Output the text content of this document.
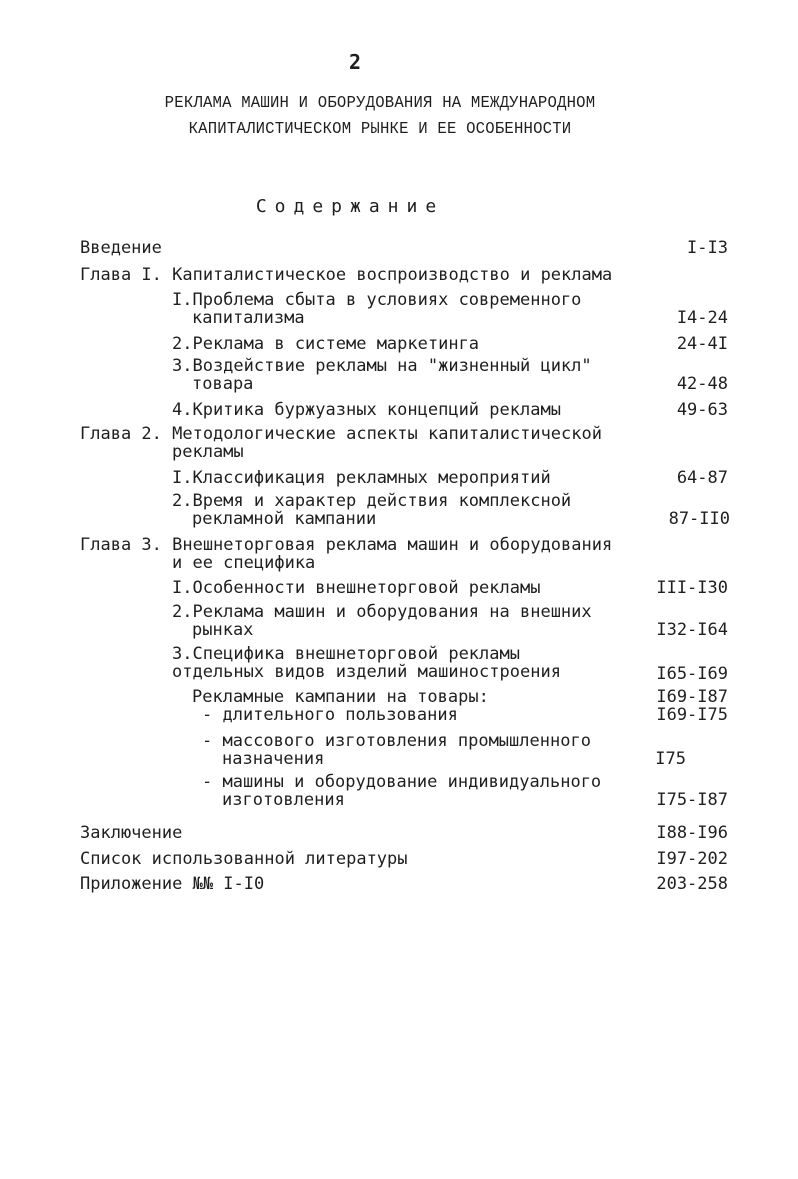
2
РЕКЛАМА МАШИН И ОБОРУДОВАНИЯ НА МЕЖДУНАРОДНОМ
КАПИТАЛИСТИЧЕСКОМ РЫНКЕ И ЕЕ ОСОБЕННОСТИ
Содержание
Введение	I-I3
Глава I. Капиталистическое воспроизводство и реклама
I.Проблема сбыта в условиях современного
капитализма	I4-24
2.Реклама в системе маркетинга	24-4I
3.Воздействие рекламы на "жизненный цикл"
товара	42-48
4.Критика буржуазных концепций рекламы	49-63
Глава 2. Методологические аспекты капиталистической
рекламы
I.Классификация рекламных мероприятий	64-87
2.Время и характер действия комплексной
рекламной кампании	87-II0
Глава 3. Внешнеторговая реклама машин и оборудования
и ее специфика
I.Особенности внешнеторговой рекламы	III-I30
2.Реклама машин и оборудования на внешних
рынках	I32-I64
3.Специфика внешнеторговой рекламы
отдельных видов изделий машиностроения	I65-I69
Рекламные кампании на товары:	I69-I87
- длительного пользования	I69-I75
- массового изготовления промышленного
назначения	I75
- машины и оборудование индивидуального
изготовления	I75-I87
Заключение	I88-I96
Список использованной литературы	I97-202
Приложение №№ I-I0	203-258
